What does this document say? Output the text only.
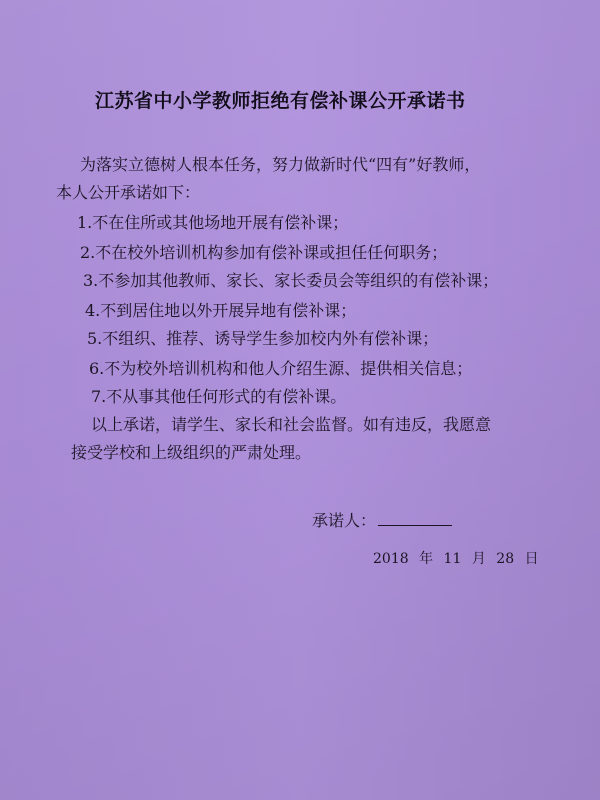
江苏省中小学教师拒绝有偿补课公开承诺书
为落实立德树人根本任务，努力做新时代“四有”好教师，
本人公开承诺如下：
1.不在住所或其他场地开展有偿补课；
2.不在校外培训机构参加有偿补课或担任任何职务；
3.不参加其他教师、家长、家长委员会等组织的有偿补课；
4.不到居住地以外开展异地有偿补课；
5.不组织、推荐、诱导学生参加校内外有偿补课；
6.不为校外培训机构和他人介绍生源、提供相关信息；
7.不从事其他任何形式的有偿补课。
以上承诺，请学生、家长和社会监督。如有违反，我愿意
接受学校和上级组织的严肃处理。
承诺人：
2018 年 11 月 28 日
